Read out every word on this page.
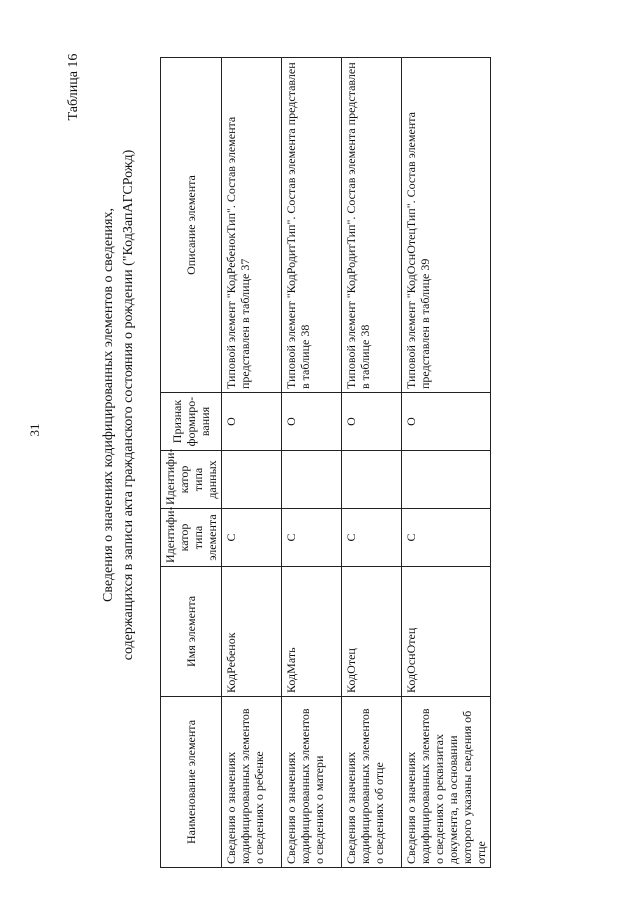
31
Таблица 16
Сведения о значениях кодифицированных элементов о сведениях, содержащихся в записи акта гражданского состояния о рождении ("КодЗапАГСРожд)
Наименование элемента	Имя элемента	Идентифи-катор типа элемента	Идентифи-катор типа данных	Признак формиро-вания	Описание элемента
Сведения о значениях кодифицированных элементов о сведениях о ребенке	КодРебенок	С		О	Типовой элемент "КодРебенокТип". Состав элемента представлен в таблице 37
Сведения о значениях кодифицированных элементов о сведениях о матери	КодМать	С		О	Типовой элемент "КодРодитТип". Состав элемента представлен в таблице 38
Сведения о значениях кодифицированных элементов о сведениях об отце	КодОтец	С		О	Типовой элемент "КодРодитТип". Состав элемента представлен в таблице 38
Сведения о значениях кодифицированных элементов о сведениях о реквизитах документа, на основании которого указаны сведения об отце	КодОснОтец	С		О	Типовой элемент "КодОснОтецТип". Состав элемента представлен в таблице 39
